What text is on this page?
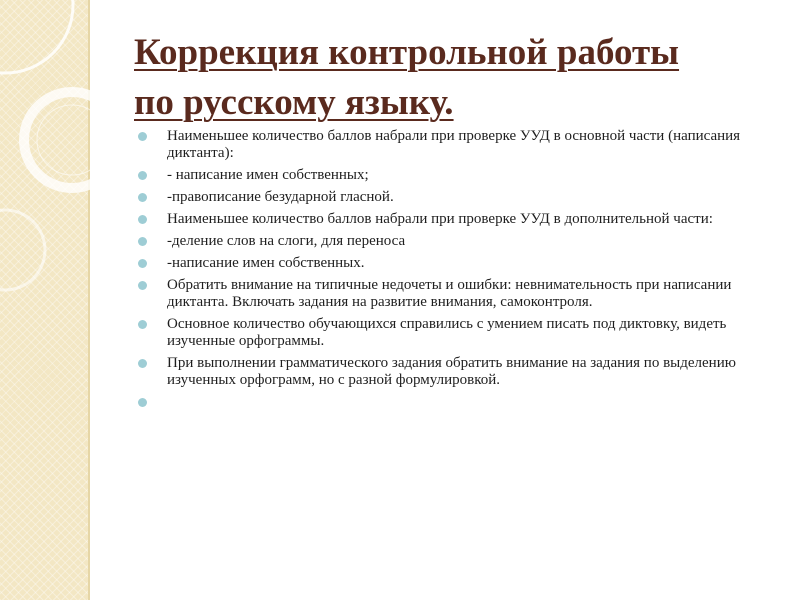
Коррекция контрольной работы
по русскому языку.
Наименьшее количество баллов набрали при проверке УУД в основной части (написания диктанта):
- написание имен собственных;
-правописание безударной гласной.
Наименьшее количество баллов набрали при проверке УУД в дополнительной части:
-деление слов на слоги, для переноса
-написание имен собственных.
Обратить внимание на типичные недочеты и ошибки: невнимательность при написании диктанта. Включать задания на развитие внимания, самоконтроля.
Основное количество обучающихся справились с умением писать под диктовку, видеть изученные орфограммы.
При выполнении грамматического задания обратить внимание на задания по выделению изученных орфограмм, но с разной формулировкой.
